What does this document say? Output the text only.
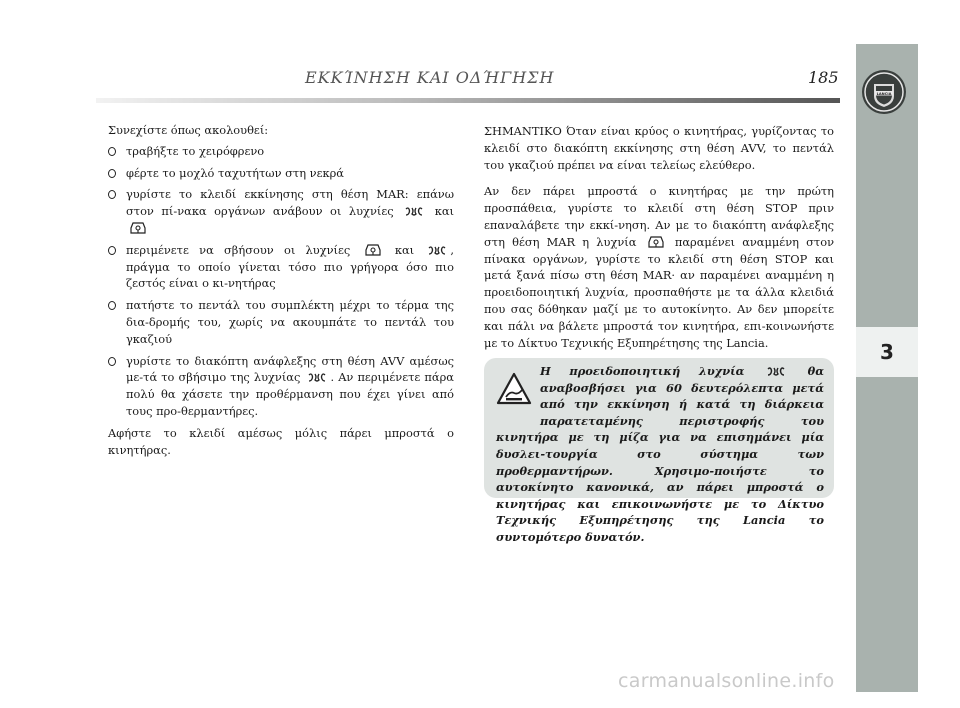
ΕΚΚΊΝΗΣΗ ΚΑΙ ΟΔΉΓΗΣΗ	185
LANCIA
3

Συνεχίστε όπως ακολουθεί:

τραβήξτε το χειρόφρενο
φέρτε το μοχλό ταχυτήτων στη νεκρά
γυρίστε το κλειδί εκκίνησης στη θέση MAR: επάνω στον πί-νακα οργάνων ανάβουν οι λυχνίες	και
περιμένετε να σβήσουν οι λυχνίες	και	, πράγμα το οποίο γίνεται τόσο πιο γρήγορα όσο πιο ζεστός είναι ο κι-νητήρας
πατήστε το πεντάλ του συμπλέκτη μέχρι το τέρμα της δια-δρομής του, χωρίς να ακουμπάτε το πεντάλ του γκαζιού
γυρίστε το διακόπτη ανάφλεξης στη θέση AVV αμέσως με-τά το σβήσιμο της λυχνίας	. Αν περιμένετε πάρα πολύ θα χάσετε την προθέρμανση που έχει γίνει από τους προ-θερμαντήρες.

Αφήστε το κλειδί αμέσως μόλις πάρει μπροστά ο κινητήρας.

ΣΗΜΑΝΤΙΚΟ Όταν είναι κρύος ο κινητήρας, γυρίζοντας το κλειδί στο διακόπτη εκκίνησης στη θέση AVV, το πεντάλ του γκαζιού πρέπει να είναι τελείως ελεύθερο.

Αν δεν πάρει μπροστά ο κινητήρας με την πρώτη προσπάθεια, γυρίστε το κλειδί στη θέση STOP πριν επαναλάβετε την εκκί-νηση. Αν με το διακόπτη ανάφλεξης στη θέση MAR η λυχνία	παραμένει αναμμένη στον πίνακα οργάνων, γυρίστε το κλειδί στη θέση STOP και μετά ξανά πίσω στη θέση MAR· αν παραμένει αναμμένη η προειδοποιητική λυχνία, προσπαθήστε με τα άλλα κλειδιά που σας δόθηκαν μαζί με το αυτοκίνητο. Αν δεν μπορείτε και πάλι να βάλετε μπροστά τον κινητήρα, επι-κοινωνήστε με το Δίκτυο Τεχνικής Εξυπηρέτησης της Lancia.

Η προειδοποιητική λυχνία	θα αναβοσβήσει για 60 δευτερόλεπτα μετά από την εκκίνηση ή κατά τη διάρκεια παρατεταμένης περιστροφής του κινητήρα με τη μίζα για να επισημάνει μία δυσλει-τουργία στο σύστημα των προθερμαντήρων. Χρησιμο-ποιήστε το αυτοκίνητο κανονικά, αν πάρει μπροστά ο κινητήρας και επικοινωνήστε με το Δίκτυο Τεχνικής Εξυπηρέτησης της Lancia το συντομότερο δυνατόν.
carmanualsonline.info
